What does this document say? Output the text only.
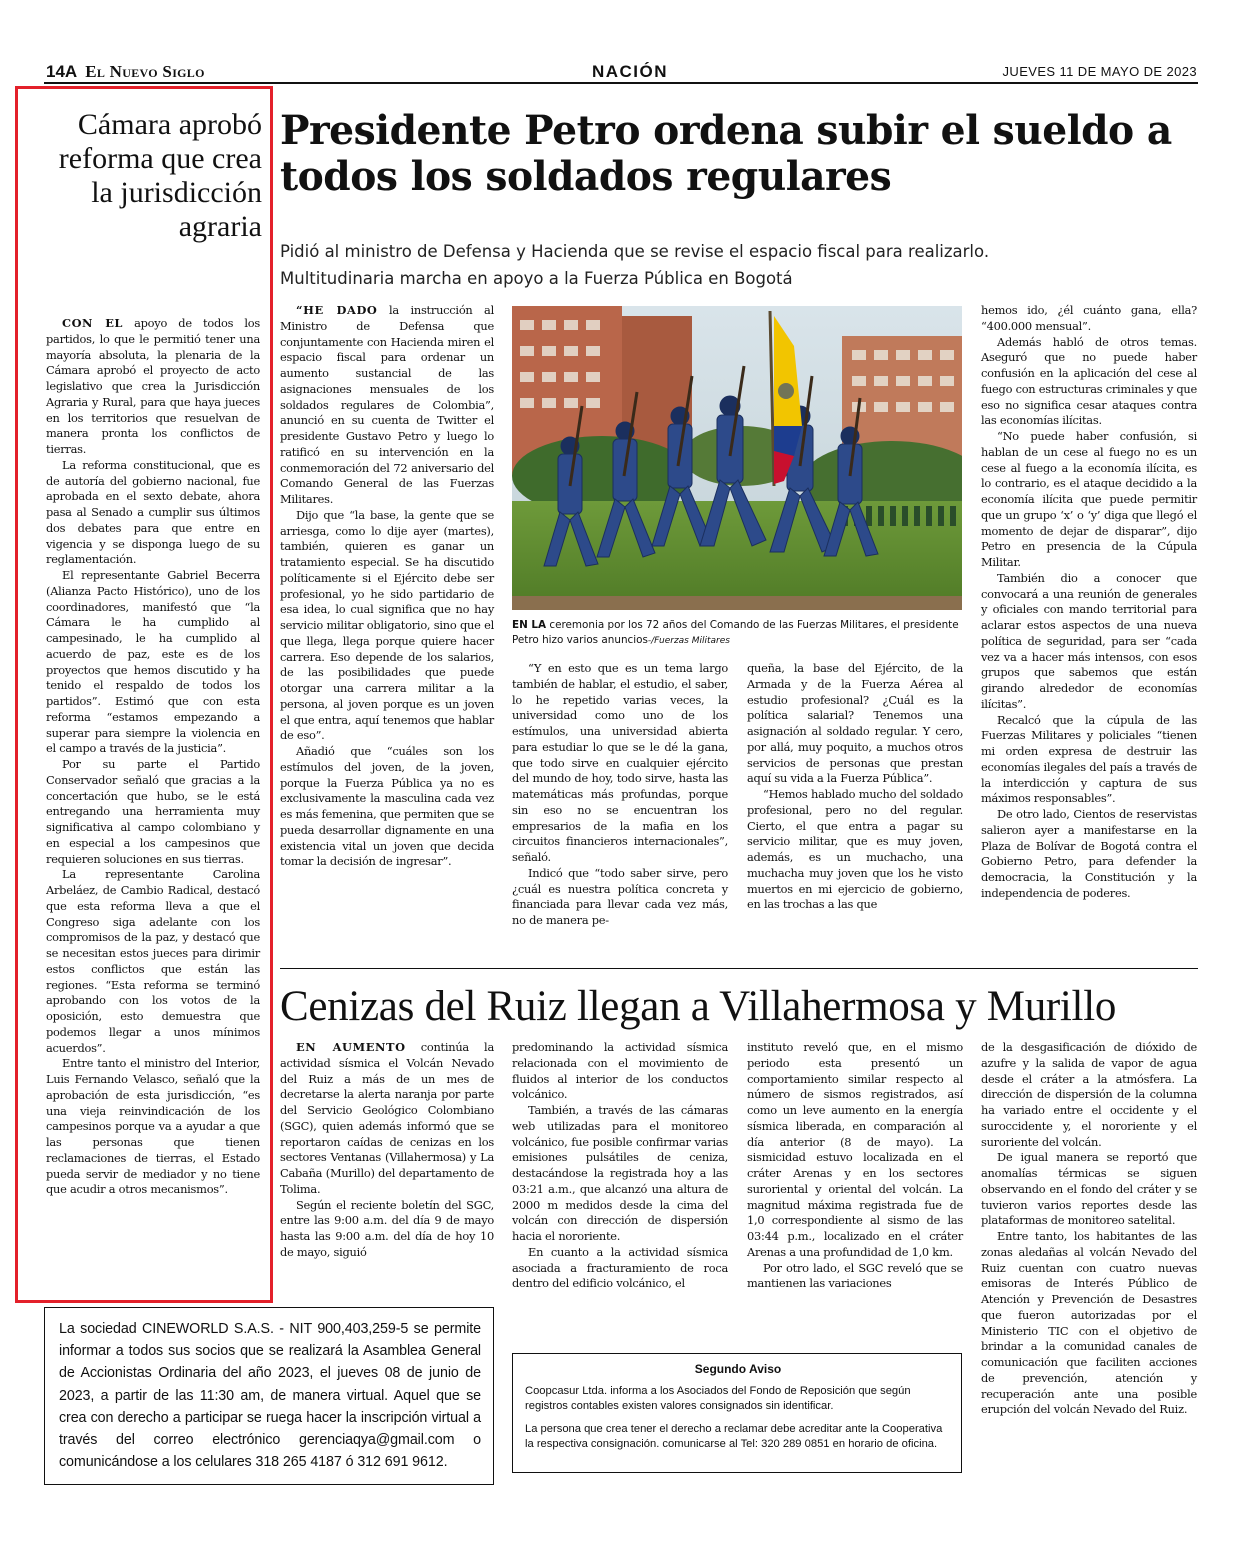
14A El Nuevo Siglo	NACIÓN	JUEVES 11 DE MAYO DE 2023
Cámara aprobó reforma que crea la jurisdicción agraria

CON EL apoyo de todos los partidos, lo que le permitió tener una mayoría absoluta, la plenaria de la Cámara aprobó el proyecto de acto legislativo que crea la Jurisdicción Agraria y Rural, para que haya jueces en los territorios que resuelvan de manera pronta los conflictos de tierras.

La reforma constitucional, que es de autoría del gobierno nacional, fue aprobada en el sexto debate, ahora pasa al Senado a cumplir sus últimos dos debates para que entre en vigencia y se disponga luego de su reglamentación.

El representante Gabriel Becerra (Alianza Pacto Histórico), uno de los coordinadores, manifestó que “la Cámara le ha cumplido al campesinado, le ha cumplido al acuerdo de paz, este es de los proyectos que hemos discutido y ha tenido el respaldo de todos los partidos”. Estimó que con esta reforma “estamos empezando a superar para siempre la violencia en el campo a través de la justicia”.

Por su parte el Partido Conservador señaló que gracias a la concertación que hubo, se le está entregando una herramienta muy significativa al campo colombiano y en especial a los campesinos que requieren soluciones en sus tierras.

La representante Carolina Arbeláez, de Cambio Radical, destacó que esta reforma lleva a que el Congreso siga adelante con los compromisos de la paz, y destacó que se necesitan estos jueces para dirimir estos conflictos que están las regiones. “Esta reforma se terminó aprobando con los votos de la oposición, esto demuestra que podemos llegar a unos mínimos acuerdos”.

Entre tanto el ministro del Interior, Luis Fernando Velasco, señaló que la aprobación de esta jurisdicción, “es una vieja reinvindicación de los campesinos porque va a ayudar a que las personas que tienen reclamaciones de tierras, el Estado pueda servir de mediador y no tiene que acudir a otros mecanismos”.

Presidente Petro ordena subir el sueldo a todos los soldados regulares
Pidió al ministro de Defensa y Hacienda que se revise el espacio fiscal para realizarlo.
Multitudinaria marcha en apoyo a la Fuerza Pública en Bogotá

“HE DADO la instrucción al Ministro de Defensa que conjuntamente con Hacienda miren el espacio fiscal para ordenar un aumento sustancial de las asignaciones mensuales de los soldados regulares de Colombia”, anunció en su cuenta de Twitter el presidente Gustavo Petro y luego lo ratificó en su intervención en la conmemoración del 72 aniversario del Comando General de las Fuerzas Militares.

Dijo que “la base, la gente que se arriesga, como lo dije ayer (martes), también, quieren es ganar un tratamiento especial. Se ha discutido políticamente si el Ejército debe ser profesional, yo he sido partidario de esa idea, lo cual significa que no hay servicio militar obligatorio, sino que el que llega, llega porque quiere hacer carrera. Eso depende de los salarios, de las posibilidades que puede otorgar una carrera militar a la persona, al joven porque es un joven el que entra, aquí tenemos que hablar de eso”.

Añadió que “cuáles son los estímulos del joven, de la joven, porque la Fuerza Pública ya no es exclusivamente la masculina cada vez es más femenina, que permiten que se pueda desarrollar dignamente en una existencia vital un joven que decida tomar la decisión de ingresar”.

EN LA ceremonia por los 72 años del Comando de las Fuerzas Militares, el presidente Petro hizo varios anuncios-/Fuerzas Militares

“Y en esto que es un tema largo también de hablar, el estudio, el saber, lo he repetido varias veces, la universidad como uno de los estímulos, una universidad abierta para estudiar lo que se le dé la gana, que todo sirve en cualquier ejército del mundo de hoy, todo sirve, hasta las matemáticas más profundas, porque sin eso no se encuentran los empresarios de la mafia en los circuitos financieros internacionales”, señaló.

Indicó que “todo saber sirve, pero ¿cuál es nuestra política concreta y financiada para llevar cada vez más, no de manera pe-

queña, la base del Ejército, de la Armada y de la Fuerza Aérea al estudio profesional? ¿Cuál es la política salarial? Tenemos una asignación al soldado regular. Y cero, por allá, muy poquito, a muchos otros servicios de personas que prestan aquí su vida a la Fuerza Pública”.

“Hemos hablado mucho del soldado profesional, pero no del regular. Cierto, el que entra a pagar su servicio militar, que es muy joven, además, es un muchacho, una muchacha muy joven que los he visto muertos en mi ejercicio de gobierno, en las trochas a las que

hemos ido, ¿él cuánto gana, ella? “400.000 mensual”.

Además habló de otros temas. Aseguró que no puede haber confusión en la aplicación del cese al fuego con estructuras criminales y que eso no significa cesar ataques contra las economías ilícitas.

“No puede haber confusión, si hablan de un cese al fuego no es un cese al fuego a la economía ilícita, es lo contrario, es el ataque decidido a la economía ilícita que puede permitir que un grupo ‘x’ o ‘y’ diga que llegó el momento de dejar de disparar”, dijo Petro en presencia de la Cúpula Militar.

También dio a conocer que convocará a una reunión de generales y oficiales con mando territorial para aclarar estos aspectos de una nueva política de seguridad, para ser “cada vez va a hacer más intensos, con esos grupos que sabemos que están girando alrededor de economías ilícitas”.

Recalcó que la cúpula de las Fuerzas Militares y policiales “tienen mi orden expresa de destruir las economías ilegales del país a través de la interdicción y captura de sus máximos responsables”.

De otro lado, Cientos de reservistas salieron ayer a manifestarse en la Plaza de Bolívar de Bogotá contra el Gobierno Petro, para defender la democracia, la Constitución y la independencia de poderes.

Cenizas del Ruiz llegan a Villahermosa y Murillo

EN AUMENTO continúa la actividad sísmica el Volcán Nevado del Ruiz a más de un mes de decretarse la alerta naranja por parte del Servicio Geológico Colombiano (SGC), quien además informó que se reportaron caídas de cenizas en los sectores Ventanas (Villahermosa) y La Cabaña (Murillo) del departamento de Tolima.

Según el reciente boletín del SGC, entre las 9:00 a.m. del día 9 de mayo hasta las 9:00 a.m. del día de hoy 10 de mayo, siguió

predominando la actividad sísmica relacionada con el movimiento de fluidos al interior de los conductos volcánico.

También, a través de las cámaras web utilizadas para el monitoreo volcánico, fue posible confirmar varias emisiones pulsátiles de ceniza, destacándose la registrada hoy a las 03:21 a.m., que alcanzó una altura de 2000 m medidos desde la cima del volcán con dirección de dispersión hacia el nororiente.

En cuanto a la actividad sísmica asociada a fracturamiento de roca dentro del edificio volcánico, el

instituto reveló que, en el mismo periodo esta presentó un comportamiento similar respecto al número de sismos registrados, así como un leve aumento en la energía sísmica liberada, en comparación al día anterior (8 de mayo). La sismicidad estuvo localizada en el cráter Arenas y en los sectores suroriental y oriental del volcán. La magnitud máxima registrada fue de 1,0 correspondiente al sismo de las 03:44 p.m., localizado en el cráter Arenas a una profundidad de 1,0 km.

Por otro lado, el SGC reveló que se mantienen las variaciones

de la desgasificación de dióxido de azufre y la salida de vapor de agua desde el cráter a la atmósfera. La dirección de dispersión de la columna ha variado entre el occidente y el suroccidente y, el nororiente y el suroriente del volcán.

De igual manera se reportó que anomalías térmicas se siguen observando en el fondo del cráter y se tuvieron varios reportes desde las plataformas de monitoreo satelital.

Entre tanto, los habitantes de las zonas aledañas al volcán Nevado del Ruiz cuentan con cuatro nuevas emisoras de Interés Público de Atención y Prevención de Desastres que fueron autorizadas por el Ministerio TIC con el objetivo de brindar a la comunidad canales de comunicación que faciliten acciones de prevención, atención y recuperación ante una posible erupción del volcán Nevado del Ruiz.

La sociedad CINEWORLD S.A.S. - NIT 900,403,259-5 se permite informar a todos sus socios que se realizará la Asamblea General de Accionistas Ordinaria del año 2023, el jueves 08 de junio de 2023, a partir de las 11:30 am, de manera virtual. Aquel que se crea con derecho a participar se ruega hacer la inscripción virtual a través del correo electrónico gerenciaqya@gmail.com o comunicándose a los celulares 318 265 4187 ó 312 691 9612.
Segundo Aviso

Coopcasur Ltda. informa a los Asociados del Fondo de Reposición que según registros contables existen valores consignados sin identificar.

La persona que crea tener el derecho a reclamar debe acreditar ante la Cooperativa la respectiva consignación. comunicarse al Tel: 320 289 0851 en horario de oficina.
